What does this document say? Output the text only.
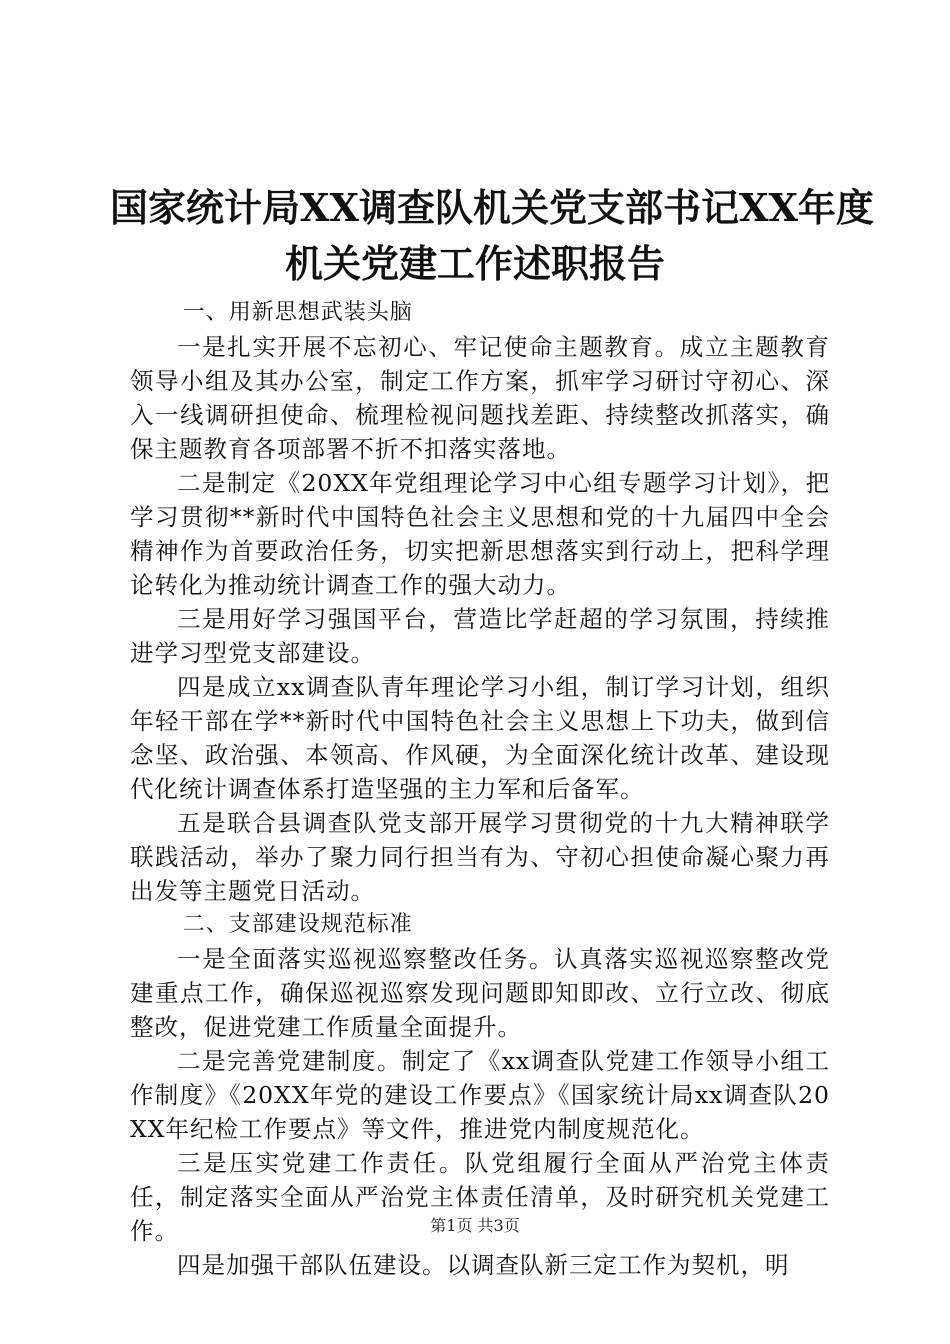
国家统计局XX调查队机关党支部书记XX年度
机关党建工作述职报告

一、用新思想武装头脑

一是扎实开展不忘初心、牢记使命主题教育。成立主题教育领导小组及其办公室，制定工作方案，抓牢学习研讨守初心、深入一线调研担使命、梳理检视问题找差距、持续整改抓落实，确保主题教育各项部署不折不扣落实落地。

二是制定《20XX年党组理论学习中心组专题学习计划》，把学习贯彻**新时代中国特色社会主义思想和党的十九届四中全会精神作为首要政治任务，切实把新思想落实到行动上，把科学理论转化为推动统计调查工作的强大动力。

三是用好学习强国平台，营造比学赶超的学习氛围，持续推进学习型党支部建设。

四是成立xx调查队青年理论学习小组，制订学习计划，组织年轻干部在学**新时代中国特色社会主义思想上下功夫，做到信念坚、政治强、本领高、作风硬，为全面深化统计改革、建设现代化统计调查体系打造坚强的主力军和后备军。

五是联合县调查队党支部开展学习贯彻党的十九大精神联学联践活动，举办了聚力同行担当有为、守初心担使命凝心聚力再出发等主题党日活动。

二、支部建设规范标准

一是全面落实巡视巡察整改任务。认真落实巡视巡察整改党建重点工作，确保巡视巡察发现问题即知即改、立行立改、彻底整改，促进党建工作质量全面提升。

二是完善党建制度。制定了《xx调查队党建工作领导小组工作制度》《20XX年党的建设工作要点》《国家统计局xx调查队20XX年纪检工作要点》等文件，推进党内制度规范化。

三是压实党建工作责任。队党组履行全面从严治党主体责任，制定落实全面从严治党主体责任清单，及时研究机关党建工作。

四是加强干部队伍建设。以调查队新三定工作为契机，明

第1页 共3页
